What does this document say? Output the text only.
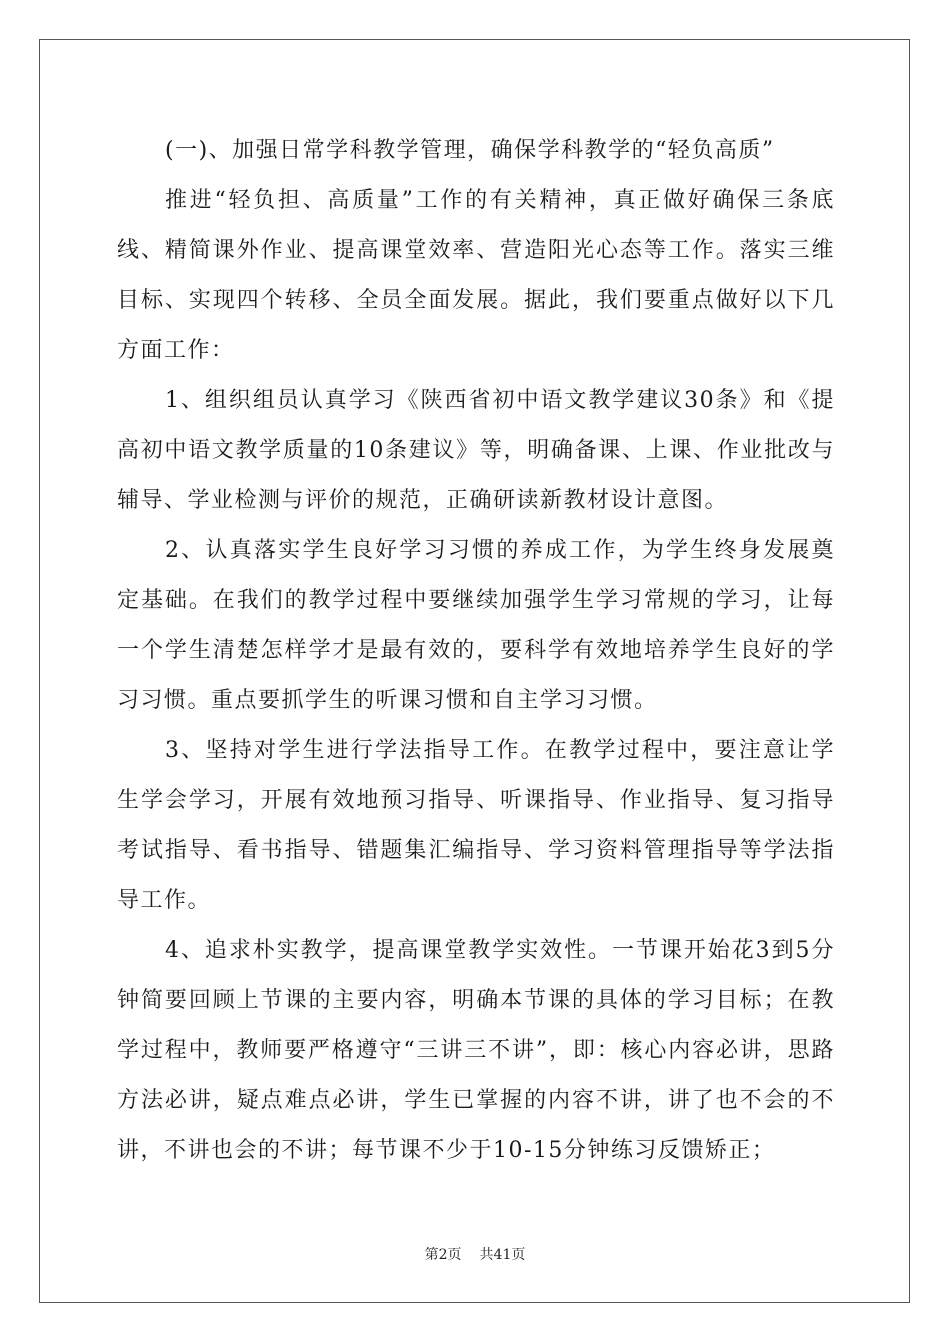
(一)、加强日常学科教学管理，确保学科教学的“轻负高质”

推进“轻负担、高质量”工作的有关精神，真正做好确保三条底线、精简课外作业、提高课堂效率、营造阳光心态等工作。落实三维目标、实现四个转移、全员全面发展。据此，我们要重点做好以下几方面工作：

1、组织组员认真学习《陕西省初中语文教学建议30条》和《提高初中语文教学质量的10条建议》等，明确备课、上课、作业批改与辅导、学业检测与评价的规范，正确研读新教材设计意图。

2、认真落实学生良好学习习惯的养成工作，为学生终身发展奠定基础。在我们的教学过程中要继续加强学生学习常规的学习，让每一个学生清楚怎样学才是最有效的，要科学有效地培养学生良好的学习习惯。重点要抓学生的听课习惯和自主学习习惯。

3、坚持对学生进行学法指导工作。在教学过程中，要注意让学生学会学习，开展有效地预习指导、听课指导、作业指导、复习指导考试指导、看书指导、错题集汇编指导、学习资料管理指导等学法指导工作。

4、追求朴实教学，提高课堂教学实效性。一节课开始花3到5分钟简要回顾上节课的主要内容，明确本节课的具体的学习目标；在教学过程中，教师要严格遵守“三讲三不讲”，即：核心内容必讲，思路方法必讲，疑点难点必讲，学生已掌握的内容不讲，讲了也不会的不讲，不讲也会的不讲；每节课不少于10-15分钟练习反馈矫正；

第2页 共41页
